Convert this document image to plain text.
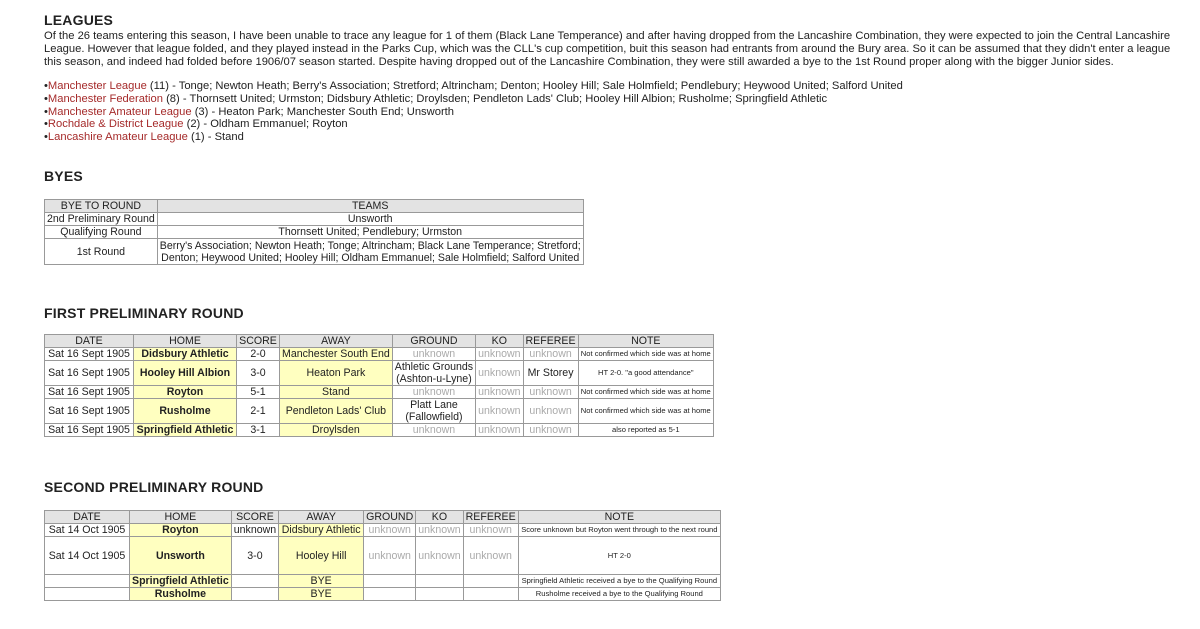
LEAGUES
Of the 26 teams entering this season, I have been unable to trace any league for 1 of them (Black Lane Temperance) and after having dropped from the Lancashire Combination, they were expected to join the Central Lancashire League. However that league folded, and they played instead in the Parks Cup, which was the CLL's cup competition, buit this season had entrants from around the Bury area. So it can be assumed that they didn't enter a league this season, and indeed had folded before 1906/07 season started. Despite having dropped out of the Lancashire Combination, they were still awarded a bye to the 1st Round proper along with the bigger Junior sides.
• Manchester League (11) - Tonge; Newton Heath; Berry's Association; Stretford; Altrincham; Denton; Hooley Hill; Sale Holmfield; Pendlebury; Heywood United; Salford United
• Manchester Federation (8) - Thornsett United; Urmston; Didsbury Athletic; Droylsden; Pendleton Lads' Club; Hooley Hill Albion; Rusholme; Springfield Athletic
• Manchester Amateur League (3) - Heaton Park; Manchester South End; Unsworth
• Rochdale & District League (2) - Oldham Emmanuel; Royton
• Lancashire Amateur League (1) - Stand
BYES
BYE TO ROUND	TEAMS
2nd Preliminary Round	Unsworth
Qualifying Round	Thornsett United; Pendlebury; Urmston
1st Round	Berry's Association; Newton Heath; Tonge; Altrincham; Black Lane Temperance; Stretford;
Denton; Heywood United; Hooley Hill; Oldham Emmanuel; Sale Holmfield; Salford United
FIRST PRELIMINARY ROUND
DATE	HOME	SCORE	AWAY	GROUND	KO	REFEREE	NOTE
Sat 16 Sept 1905	Didsbury Athletic	2-0	Manchester South End	unknown	unknown	unknown	Not confirmed which side was at home
Sat 16 Sept 1905	Hooley Hill Albion	3-0	Heaton Park	Athletic Grounds
(Ashton-u-Lyne)	unknown	Mr Storey	HT 2-0. "a good attendance"
Sat 16 Sept 1905	Royton	5-1	Stand	unknown	unknown	unknown	Not confirmed which side was at home
Sat 16 Sept 1905	Rusholme	2-1	Pendleton Lads' Club	Platt Lane
(Fallowfield)	unknown	unknown	Not confirmed which side was at home
Sat 16 Sept 1905	Springfield Athletic	3-1	Droylsden	unknown	unknown	unknown	also reported as 5-1
SECOND PRELIMINARY ROUND
DATE	HOME	SCORE	AWAY	GROUND	KO	REFEREE	NOTE
Sat 14 Oct 1905	Royton	unknown	Didsbury Athletic	unknown	unknown	unknown	Score unknown but Royton went through to the next round
Sat 14 Oct 1905	Unsworth	3-0	Hooley Hill	unknown	unknown	unknown	HT 2-0
	Springfield Athletic		BYE				Springfield Athletic received a bye to the Qualifying Round
	Rusholme		BYE				Rusholme received a bye to the Qualifying Round
